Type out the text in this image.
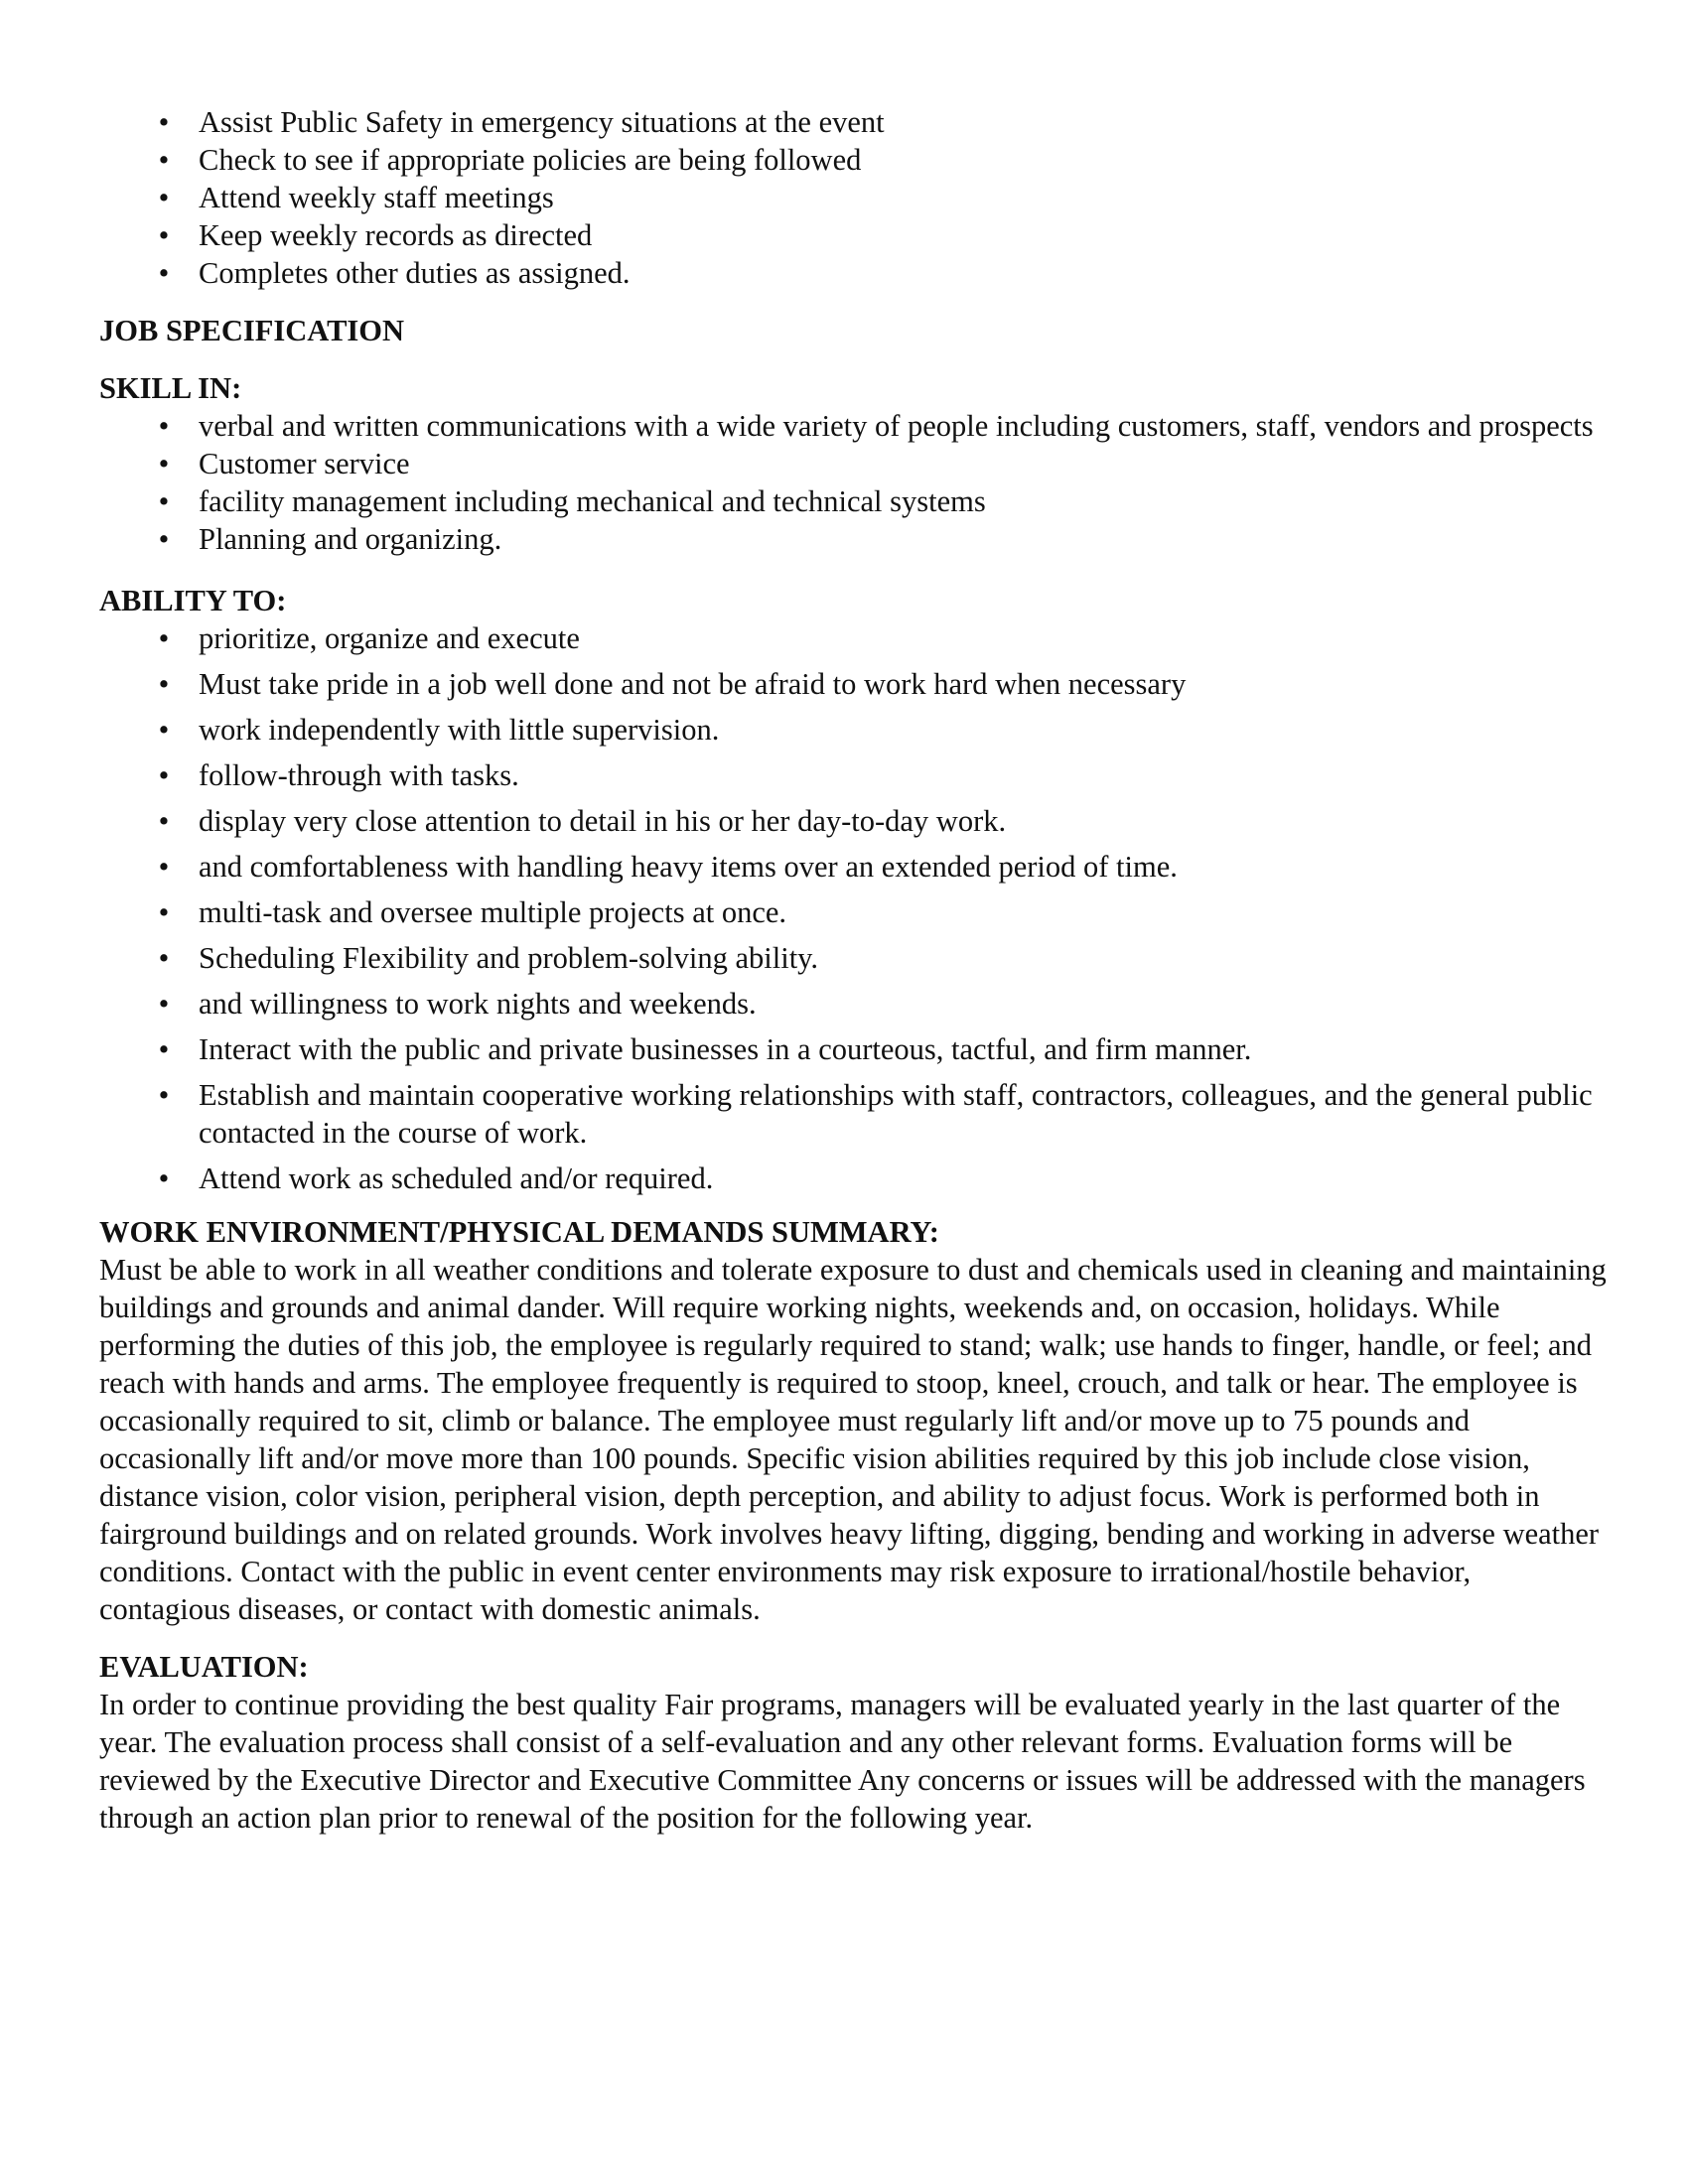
• Assist Public Safety in emergency situations at the event
• Check to see if appropriate policies are being followed
• Attend weekly staff meetings
• Keep weekly records as directed
• Completes other duties as assigned.

JOB SPECIFICATION

SKILL IN:

• verbal and written communications with a wide variety of people including customers, staff, vendors and prospects
• Customer service
• facility management including mechanical and technical systems
• Planning and organizing.

ABILITY TO:

• prioritize, organize and execute
• Must take pride in a job well done and not be afraid to work hard when necessary
• work independently with little supervision.
• follow-through with tasks.
• display very close attention to detail in his or her day-to-day work.
• and comfortableness with handling heavy items over an extended period of time.
• multi-task and oversee multiple projects at once.
• Scheduling Flexibility and problem-solving ability.
• and willingness to work nights and weekends.
• Interact with the public and private businesses in a courteous, tactful, and firm manner.
• Establish and maintain cooperative working relationships with staff, contractors, colleagues, and the general public contacted in the course of work.
• Attend work as scheduled and/or required.

WORK ENVIRONMENT/PHYSICAL DEMANDS SUMMARY:

Must be able to work in all weather conditions and tolerate exposure to dust and chemicals used in cleaning and maintaining buildings and grounds and animal dander. Will require working nights, weekends and, on occasion, holidays. While performing the duties of this job, the employee is regularly required to stand; walk; use hands to finger, handle, or feel; and reach with hands and arms. The employee frequently is required to stoop, kneel, crouch, and talk or hear. The employee is occasionally required to sit, climb or balance. The employee must regularly lift and/or move up to 75 pounds and occasionally lift and/or move more than 100 pounds. Specific vision abilities required by this job include close vision, distance vision, color vision, peripheral vision, depth perception, and ability to adjust focus. Work is performed both in fairground buildings and on related grounds. Work involves heavy lifting, digging, bending and working in adverse weather conditions. Contact with the public in event center environments may risk exposure to irrational/hostile behavior, contagious diseases, or contact with domestic animals.

EVALUATION:

In order to continue providing the best quality Fair programs, managers will be evaluated yearly in the last quarter of the year. The evaluation process shall consist of a self-evaluation and any other relevant forms. Evaluation forms will be reviewed by the Executive Director and Executive Committee Any concerns or issues will be addressed with the managers through an action plan prior to renewal of the position for the following year.
